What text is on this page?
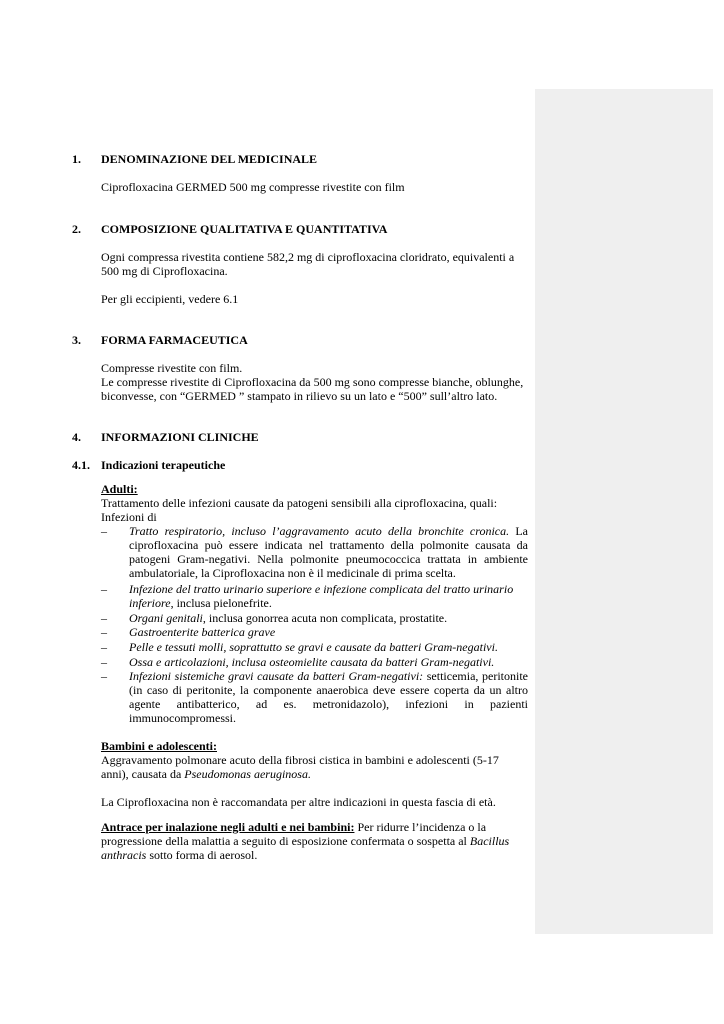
1. DENOMINAZIONE DEL MEDICINALE
Ciprofloxacina GERMED 500 mg compresse rivestite con film
2. COMPOSIZIONE QUALITATIVA E QUANTITATIVA
Ogni compressa rivestita contiene 582,2 mg di ciprofloxacina cloridrato, equivalenti a
500 mg di Ciprofloxacina.
Per gli eccipienti, vedere 6.1
3. FORMA FARMACEUTICA
Compresse rivestite con film.
Le compresse rivestite di Ciprofloxacina da 500 mg sono compresse bianche, oblunghe,
biconvesse, con “GERMED ” stampato in rilievo su un lato e “500” sull’altro lato.
4. INFORMAZIONI CLINICHE
4.1. Indicazioni terapeutiche
Adulti:
Trattamento delle infezioni causate da patogeni sensibili alla ciprofloxacina, quali:
Infezioni di
– Tratto respiratorio, incluso l’aggravamento acuto della bronchite cronica. La
ciprofloxacina può essere indicata nel trattamento della polmonite causata da
patogeni Gram-negativi. Nella polmonite pneumococcica trattata in ambiente
ambulatoriale, la Ciprofloxacina non è il medicinale di prima scelta.
– Infezione del tratto urinario superiore e infezione complicata del tratto urinario
inferiore, inclusa pielonefrite.
– Organi genitali, inclusa gonorrea acuta non complicata, prostatite.
– Gastroenterite batterica grave
– Pelle e tessuti molli, soprattutto se gravi e causate da batteri Gram-negativi.
– Ossa e articolazioni, inclusa osteomielite causata da batteri Gram-negativi.
– Infezioni sistemiche gravi causate da batteri Gram-negativi: setticemia, peritonite
(in caso di peritonite, la componente anaerobica deve essere coperta da un altro
agente antibatterico, ad es. metronidazolo), infezioni in pazienti
immunocompromessi.
Bambini e adolescenti:
Aggravamento polmonare acuto della fibrosi cistica in bambini e adolescenti (5-17
anni), causata da Pseudomonas aeruginosa.
La Ciprofloxacina non è raccomandata per altre indicazioni in questa fascia di età.
Antrace per inalazione negli adulti e nei bambini: Per ridurre l’incidenza o la
progressione della malattia a seguito di esposizione confermata o sospetta al Bacillus
anthracis sotto forma di aerosol.
